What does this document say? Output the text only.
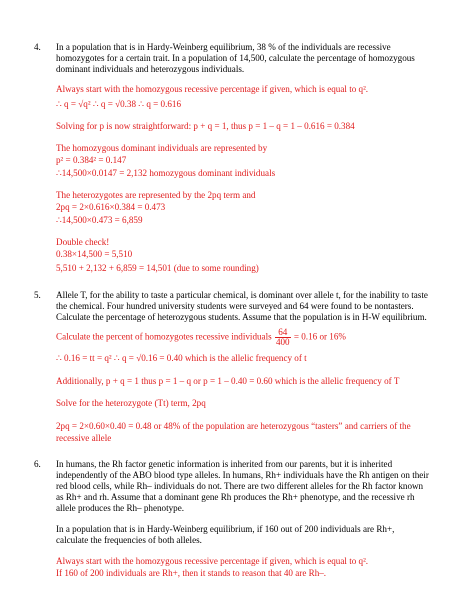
4. In a population that is in Hardy-Weinberg equilibrium, 38 % of the individuals are recessive
homozygotes for a certain trait. In a population of 14,500, calculate the percentage of homozygous
dominant individuals and heterozygous individuals.
Always start with the homozygous recessive percentage if given, which is equal to q².
∴ q = √q² ∴ q = √0.38 ∴ q = 0.616
Solving for p is now straightforward: p + q = 1, thus p = 1 – q = 1 – 0.616 = 0.384
The homozygous dominant individuals are represented by
p² = 0.384² = 0.147
∴14,500×0.0147 = 2,132 homozygous dominant individuals
The heterozygotes are represented by the 2pq term and
2pq = 2×0.616×0.384 = 0.473
∴14,500×0.473 = 6,859
Double check!
0.38×14,500 = 5,510
5,510 + 2,132 + 6,859 = 14,501 (due to some rounding)
5. Allele T, for the ability to taste a particular chemical, is dominant over allele t, for the inability to taste
the chemical. Four hundred university students were surveyed and 64 were found to be nontasters.
Calculate the percentage of heterozygous students. Assume that the population is in H-W equilibrium.
Calculate the percent of homozygotes recessive individuals $\frac{64}{400} = 0.16$ or 16%
∴ 0.16 = tt = q² ∴ q = √0.16 = 0.40 which is the allelic frequency of t
Additionally, p + q = 1 thus p = 1 – q or p = 1 – 0.40 = 0.60 which is the allelic frequency of T
Solve for the heterozygote (Tt) term, 2pq
2pq = 2×0.60×0.40 = 0.48 or 48% of the population are heterozygous “tasters” and carriers of the
recessive allele
6. In humans, the Rh factor genetic information is inherited from our parents, but it is inherited
independently of the ABO blood type alleles. In humans, Rh+ individuals have the Rh antigen on their
red blood cells, while Rh– individuals do not. There are two different alleles for the Rh factor known
as Rh+ and rh. Assume that a dominant gene Rh produces the Rh+ phenotype, and the recessive rh
allele produces the Rh– phenotype.
In a population that is in Hardy-Weinberg equilibrium, if 160 out of 200 individuals are Rh+,
calculate the frequencies of both alleles.
Always start with the homozygous recessive percentage if given, which is equal to q².
If 160 of 200 individuals are Rh+, then it stands to reason that 40 are Rh–.
